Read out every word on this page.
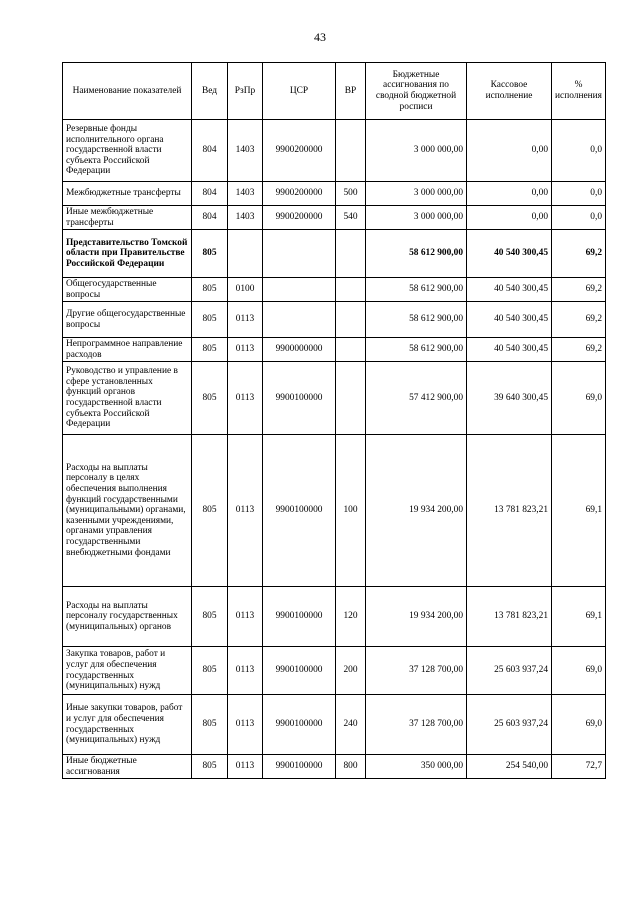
43
Наименование показателей	Вед	РзПр	ЦСР	ВР	Бюджетные ассигнования по сводной бюджетной росписи	Кассовое исполнение	% исполнения
Резервные фонды исполнительного органа государственной власти субъекта Российской Федерации	804	1403	9900200000		3 000 000,00	0,00	0,0
Межбюджетные трансферты	804	1403	9900200000	500	3 000 000,00	0,00	0,0
Иные межбюджетные трансферты	804	1403	9900200000	540	3 000 000,00	0,00	0,0
Представительство Томской области при Правительстве Российской Федерации	805				58 612 900,00	40 540 300,45	69,2
Общегосударственные вопросы	805	0100			58 612 900,00	40 540 300,45	69,2
Другие общегосударственные вопросы	805	0113			58 612 900,00	40 540 300,45	69,2
Непрограммное направление расходов	805	0113	9900000000		58 612 900,00	40 540 300,45	69,2
Руководство и управление в сфере установленных функций органов государственной власти субъекта Российской Федерации	805	0113	9900100000		57 412 900,00	39 640 300,45	69,0
Расходы на выплаты персоналу в целях обеспечения выполнения функций государственными (муниципальными) органами, казенными учреждениями, органами управления государственными внебюджетными фондами	805	0113	9900100000	100	19 934 200,00	13 781 823,21	69,1
Расходы на выплаты персоналу государственных (муниципальных) органов	805	0113	9900100000	120	19 934 200,00	13 781 823,21	69,1
Закупка товаров, работ и услуг для обеспечения государственных (муниципальных) нужд	805	0113	9900100000	200	37 128 700,00	25 603 937,24	69,0
Иные закупки товаров, работ и услуг для обеспечения государственных (муниципальных) нужд	805	0113	9900100000	240	37 128 700,00	25 603 937,24	69,0
Иные бюджетные ассигнования	805	0113	9900100000	800	350 000,00	254 540,00	72,7
